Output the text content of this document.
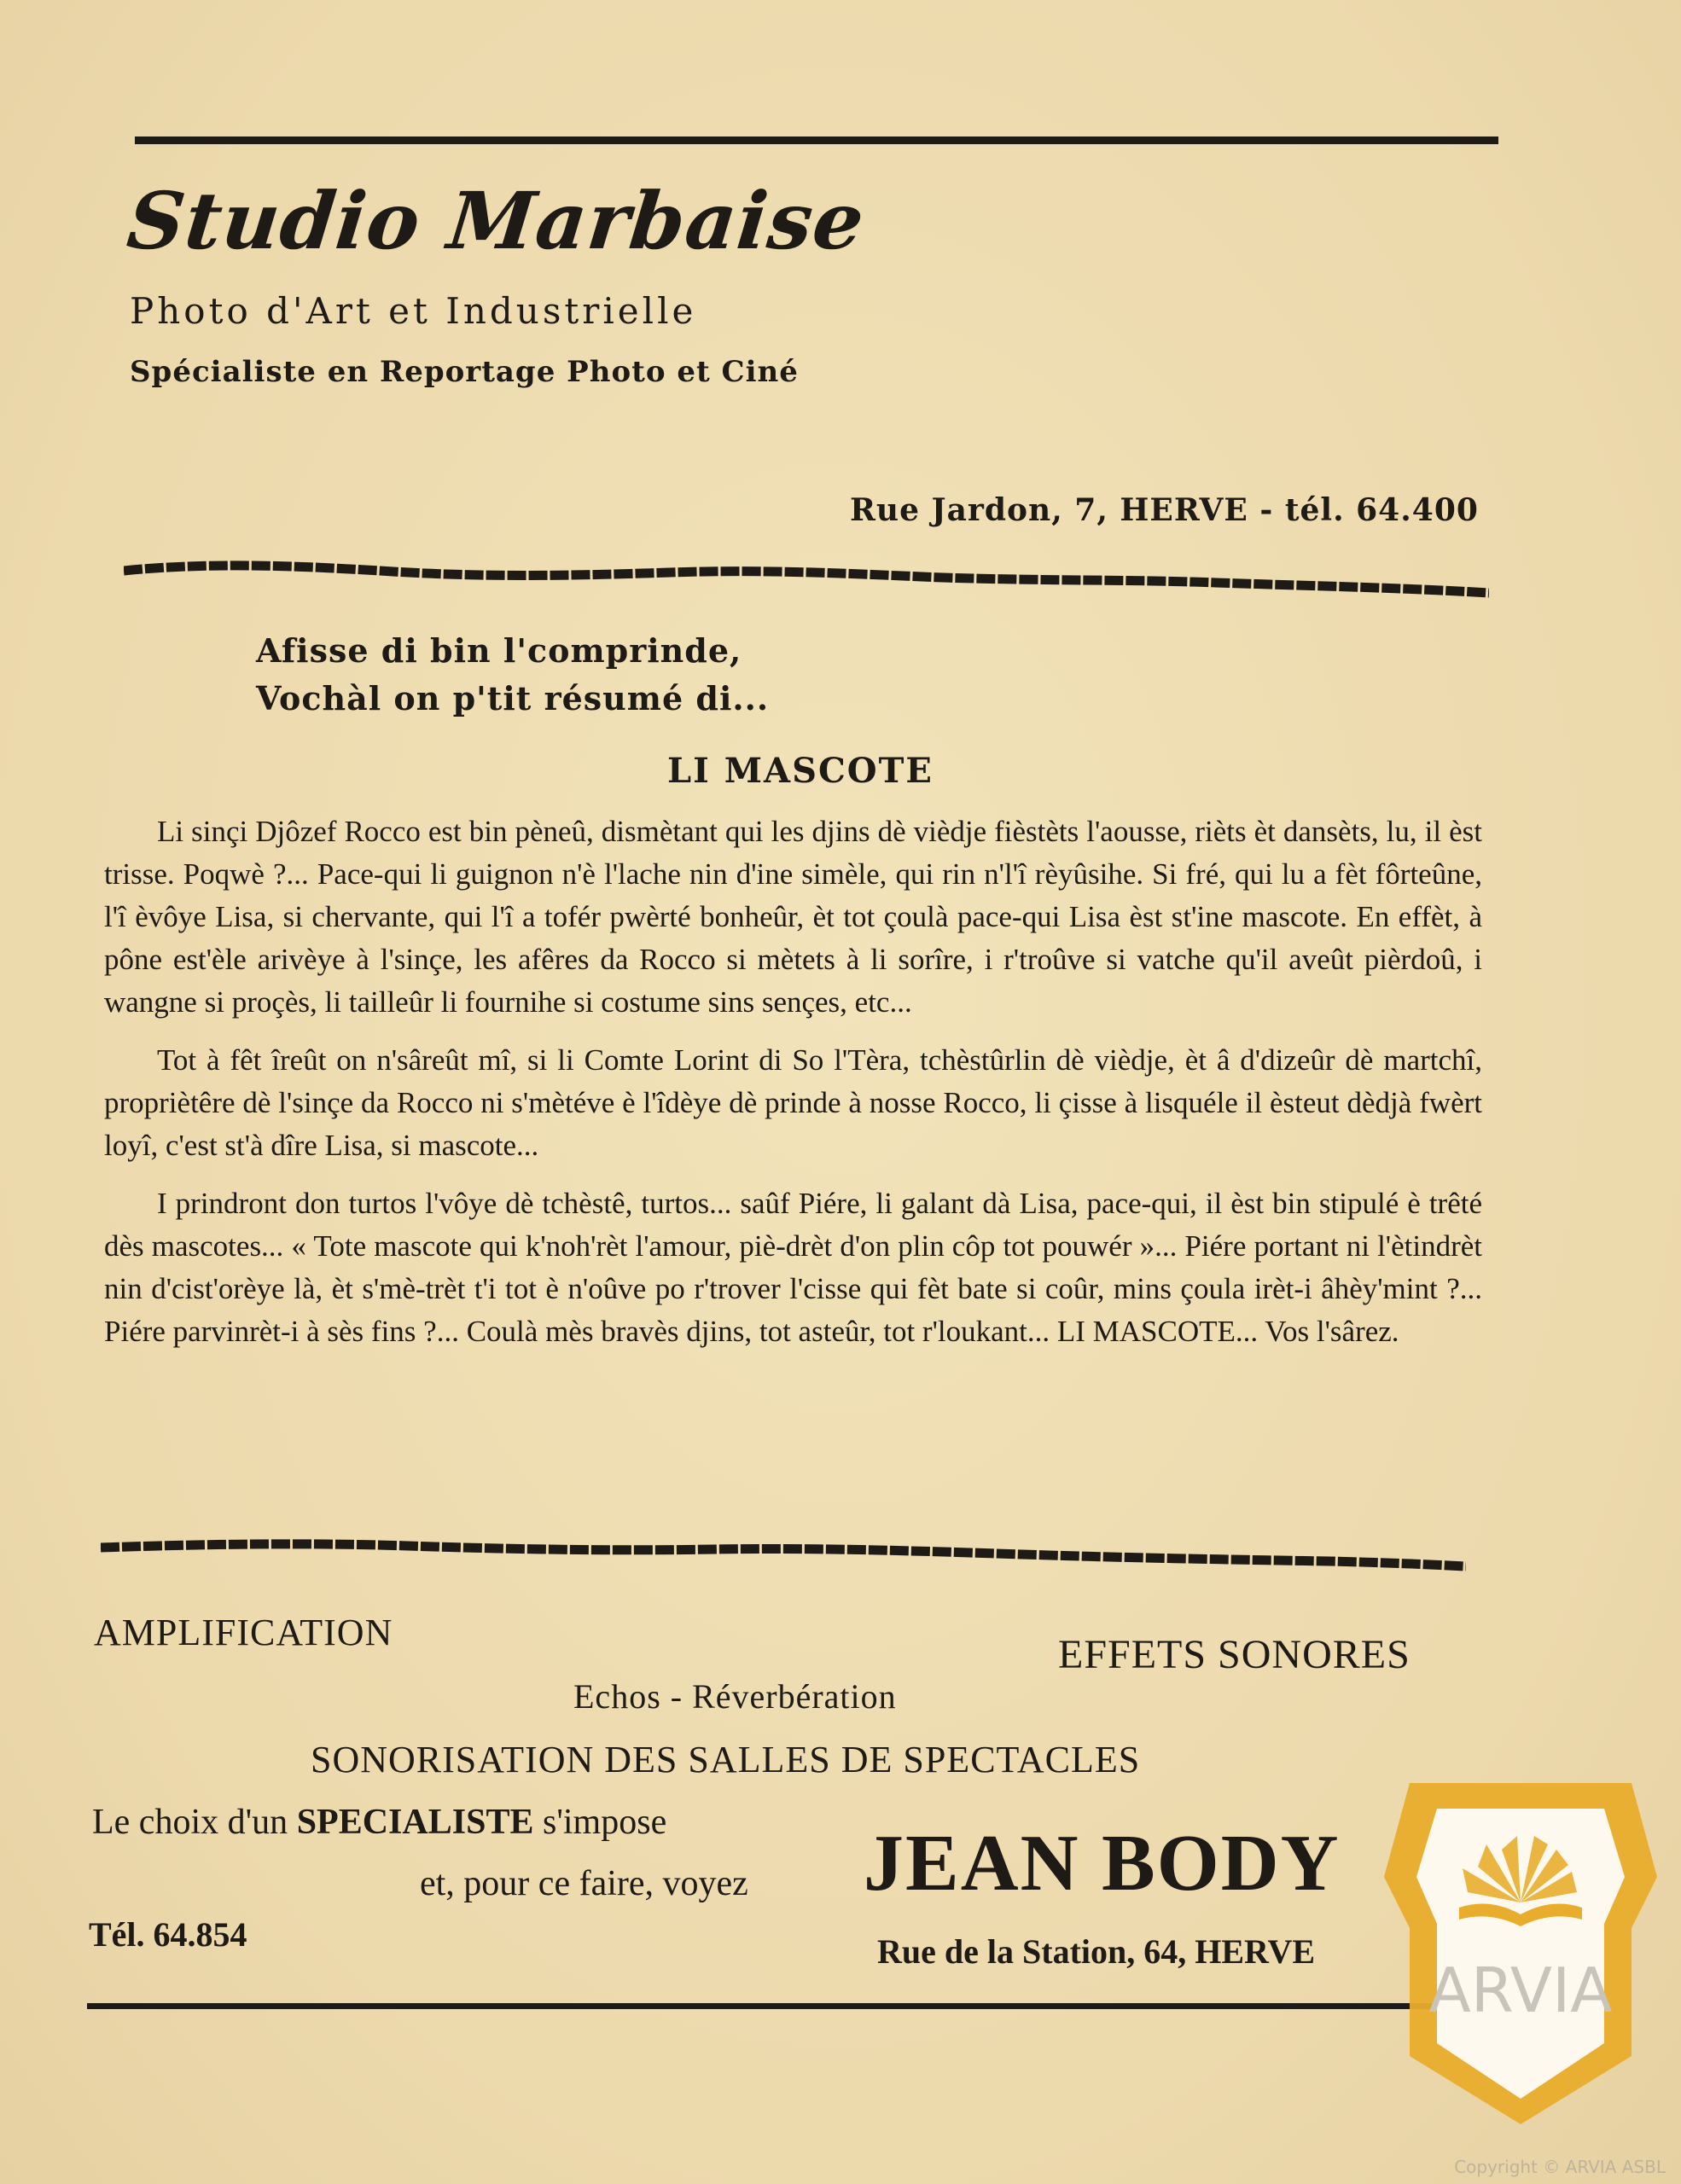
Studio Marbaise
Photo d'Art et Industrielle
Spécialiste en Reportage Photo et Ciné
Rue Jardon, 7, HERVE - tél. 64.400
Afisse di bin l'comprinde,
Vochàl on p'tit résumé di...
LI MASCOTE

Li sinçi Djôzef Rocco est bin pèneû, dismètant qui les djins dè vièdje fièstèts l'aousse, rièts èt dansèts, lu, il èst trisse. Poqwè ?... Pace-qui li guignon n'è l'lache nin d'ine simèle, qui rin n'l'î rèyûsihe. Si fré, qui lu a fèt fôrteûne, l'î èvôye Lisa, si chervante, qui l'î a tofér pwèrté bonheûr, èt tot çoulà pace-qui Lisa èst st'ine mascote. En effèt, à pône est'èle arivèye à l'sinçe, les afêres da Rocco si mètets à li sorîre, i r'troûve si vatche qu'il aveût pièrdoû, i wangne si proçès, li tailleûr li fournihe si costume sins sençes, etc...

Tot à fêt îreût on n'sâreût mî, si li Comte Lorint di So l'Tèra, tchèstûrlin dè vièdje, èt â d'dizeûr dè martchî, propriètêre dè l'sinçe da Rocco ni s'mètéve è l'îdèye dè prinde à nosse Rocco, li çisse à lisquéle il èsteut dèdjà fwèrt loyî, c'est st'à dîre Lisa, si mascote...

I prindront don turtos l'vôye dè tchèstê, turtos... saûf Piére, li galant dà Lisa, pace-qui, il èst bin stipulé è trêté dès mascotes... « Tote mascote qui k'noh'rèt l'amour, piè-drèt d'on plin côp tot pouwér »... Piére portant ni l'ètindrèt nin d'cist'orèye là, èt s'mè-trèt t'i tot è n'oûve po r'trover l'cisse qui fèt bate si coûr, mins çoula irèt-i âhèy'mint ?... Piére parvinrèt-i à sès fins ?... Coulà mès bravès djins, tot asteûr, tot r'loukant... LI MASCOTE... Vos l'sârez.

AMPLIFICATION	EFFETS SONORES
Echos - Réverbération
SONORISATION DES SALLES DE SPECTACLES
Le choix d'un SPECIALISTE s'impose
et, pour ce faire, voyez
Tél. 64.854
JEAN BODY
Rue de la Station, 64, HERVE
ARVIA
Copyright © ARVIA ASBL
